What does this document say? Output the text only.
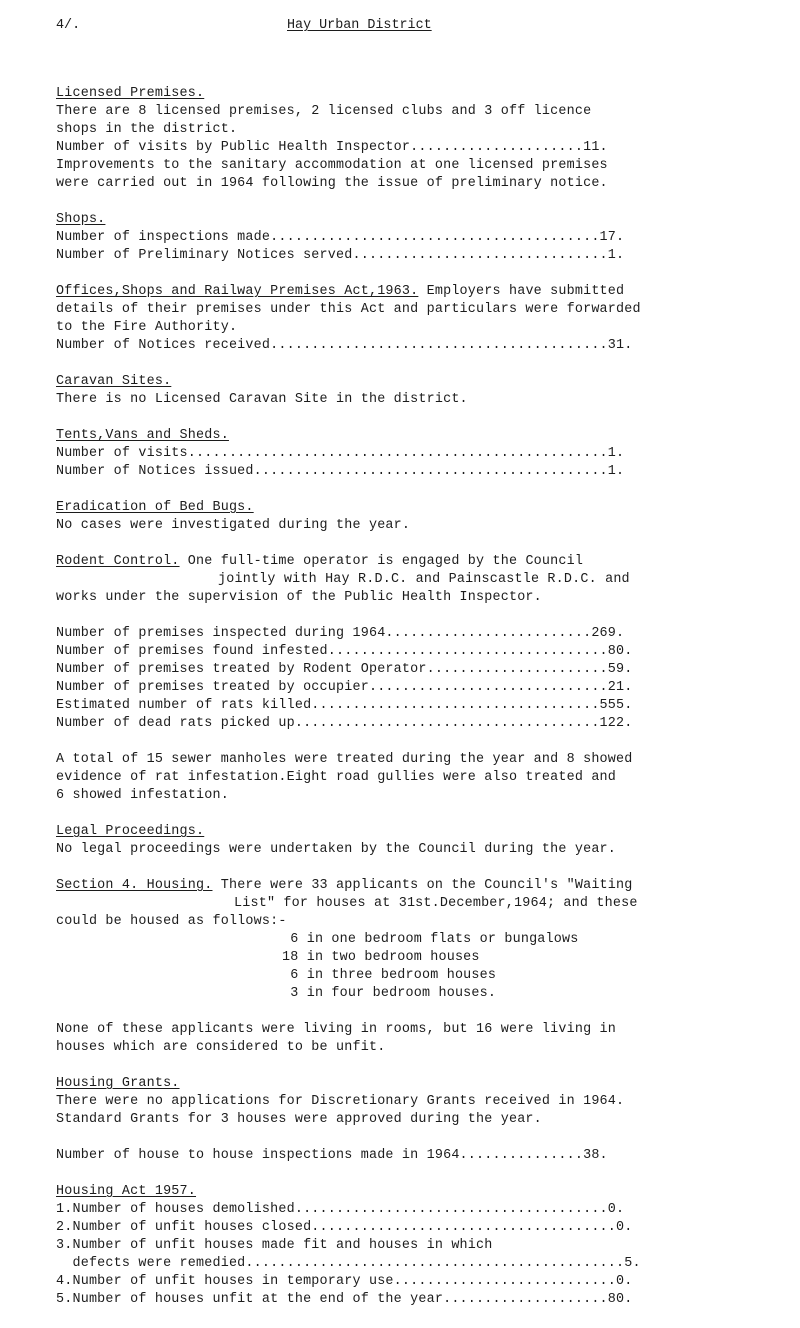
4/.	Hay Urban District
Licensed Premises.
There are 8 licensed premises, 2 licensed clubs and 3 off licence
shops in the district.
Number of visits by Public Health Inspector.....................11.
Improvements to the sanitary accommodation at one licensed premises
were carried out in 1964 following the issue of preliminary notice.
Shops.
Number of inspections made........................................17.
Number of Preliminary Notices served...............................1.
Offices,Shops and Railway Premises Act,1963. Employers have submitted
details of their premises under this Act and particulars were forwarded
to the Fire Authority.
Number of Notices received.........................................31.
Caravan Sites.
There is no Licensed Caravan Site in the district.
Tents,Vans and Sheds.
Number of visits...................................................1.
Number of Notices issued...........................................1.
Eradication of Bed Bugs.
No cases were investigated during the year.
Rodent Control. One full-time operator is engaged by the Council
jointly with Hay R.D.C. and Painscastle R.D.C. and
works under the supervision of the Public Health Inspector.
Number of premises inspected during 1964.........................269.
Number of premises found infested..................................80.
Number of premises treated by Rodent Operator......................59.
Number of premises treated by occupier.............................21.
Estimated number of rats killed...................................555.
Number of dead rats picked up.....................................122.
A total of 15 sewer manholes were treated during the year and 8 showed
evidence of rat infestation.Eight road gullies were also treated and
6 showed infestation.
Legal Proceedings.
No legal proceedings were undertaken by the Council during the year.
Section 4. Housing. There were 33 applicants on the Council's "Waiting
List" for houses at 31st.December,1964; and these
could be housed as follows:-
6 in one bedroom flats or bungalows
18 in two bedroom houses
6 in three bedroom houses
3 in four bedroom houses.
None of these applicants were living in rooms, but 16 were living in
houses which are considered to be unfit.
Housing Grants.
There were no applications for Discretionary Grants received in 1964.
Standard Grants for 3 houses were approved during the year.
Number of house to house inspections made in 1964...............38.
Housing Act 1957.
1.Number of houses demolished......................................0.
2.Number of unfit houses closed.....................................0.
3.Number of unfit houses made fit and houses in which
defects were remedied..............................................5.
4.Number of unfit houses in temporary use...........................0.
5.Number of houses unfit at the end of the year....................80.
